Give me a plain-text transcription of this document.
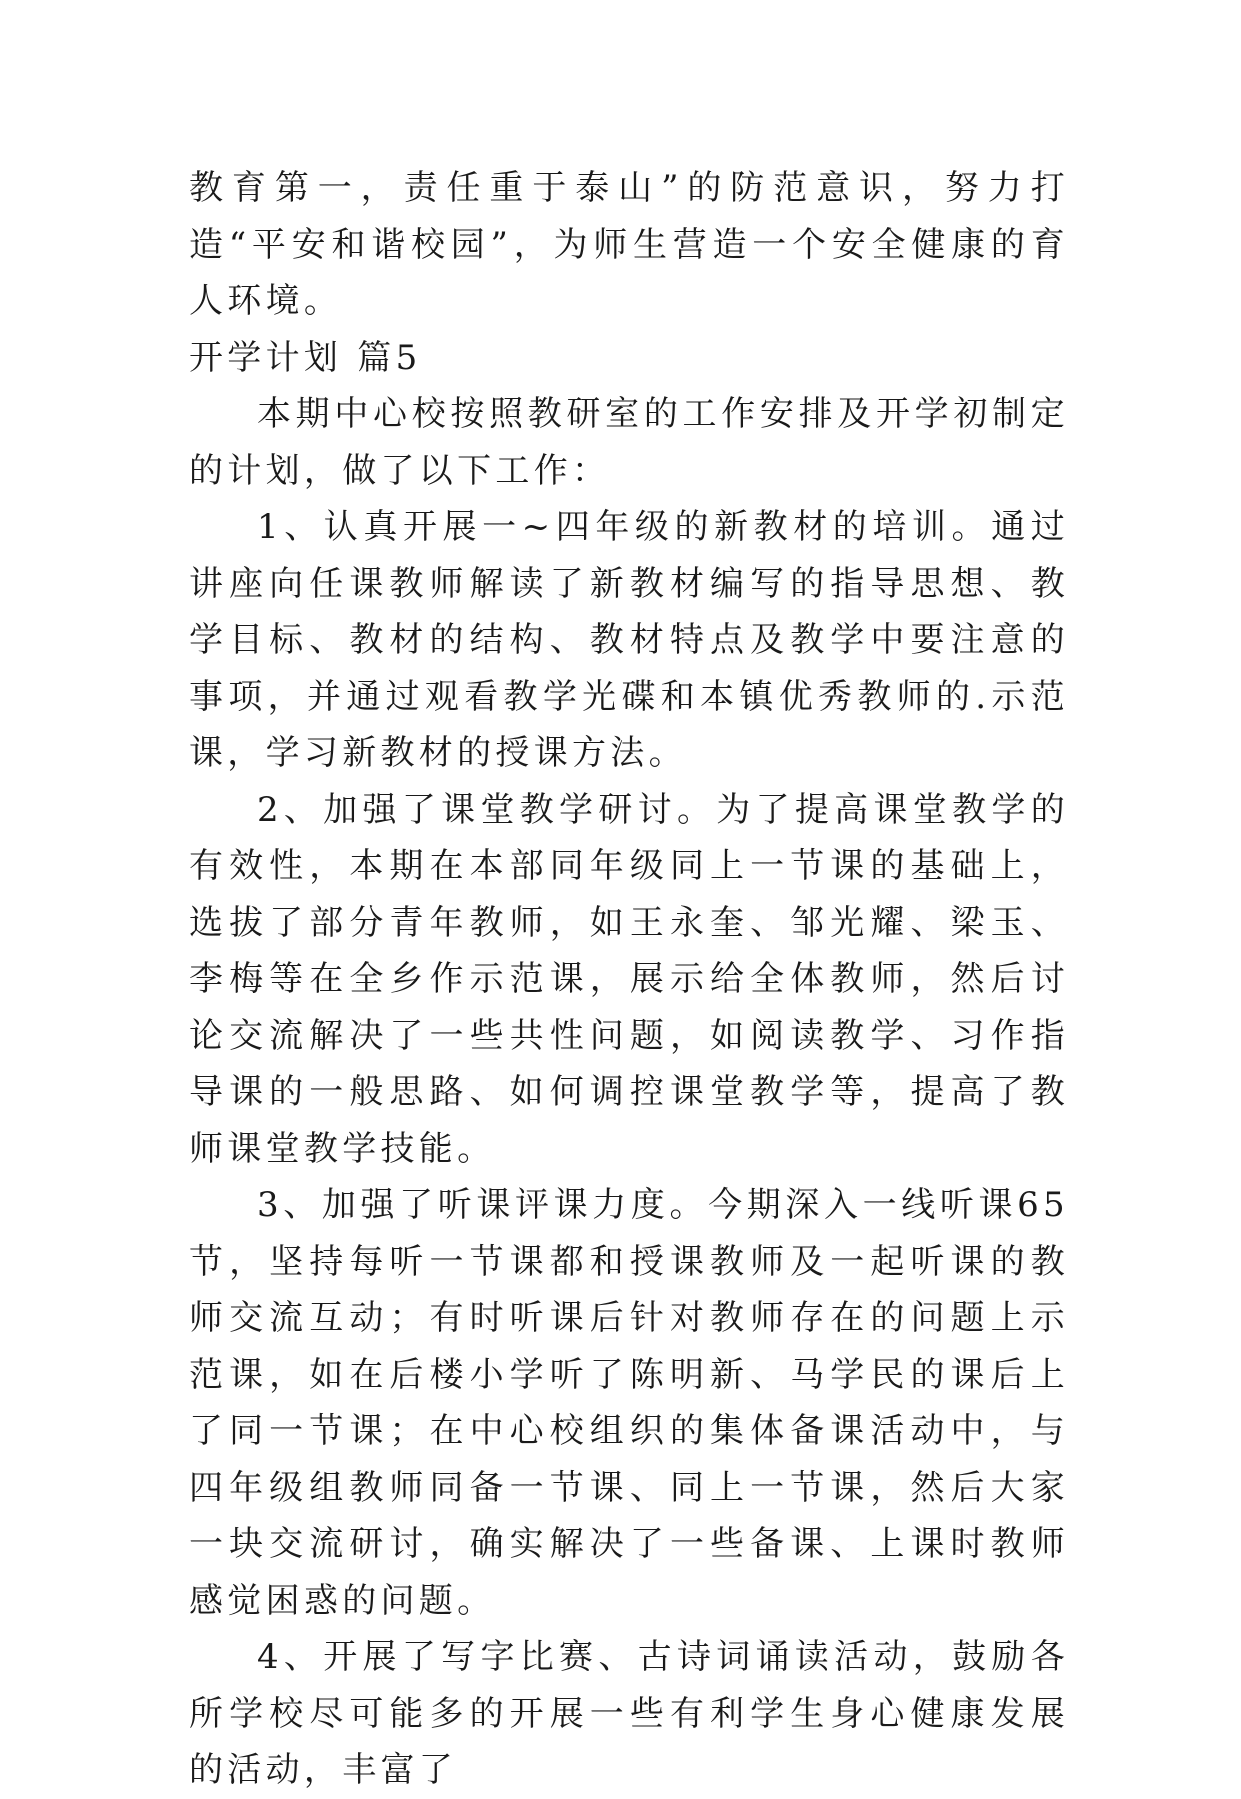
教育第一，责任重于泰山”的防范意识，努力打造“平安和谐校园”，为师生营造一个安全健康的育人环境。

开学计划 篇5

本期中心校按照教研室的工作安排及开学初制定的计划，做了以下工作：

1、认真开展一~四年级的新教材的培训。通过讲座向任课教师解读了新教材编写的指导思想、教学目标、教材的结构、教材特点及教学中要注意的事项，并通过观看教学光碟和本镇优秀教师的.示范课，学习新教材的授课方法。

2、加强了课堂教学研讨。为了提高课堂教学的有效性，本期在本部同年级同上一节课的基础上，选拔了部分青年教师，如王永奎、邹光耀、梁玉、李梅等在全乡作示范课，展示给全体教师，然后讨论交流解决了一些共性问题，如阅读教学、习作指导课的一般思路、如何调控课堂教学等，提高了教师课堂教学技能。

3、加强了听课评课力度。今期深入一线听课65节，坚持每听一节课都和授课教师及一起听课的教师交流互动；有时听课后针对教师存在的问题上示范课，如在后楼小学听了陈明新、马学民的课后上了同一节课；在中心校组织的集体备课活动中，与四年级组教师同备一节课、同上一节课，然后大家一块交流研讨，确实解决了一些备课、上课时教师感觉困惑的问题。

4、开展了写字比赛、古诗词诵读活动，鼓励各所学校尽可能多的开展一些有利学生身心健康发展的活动，丰富了
